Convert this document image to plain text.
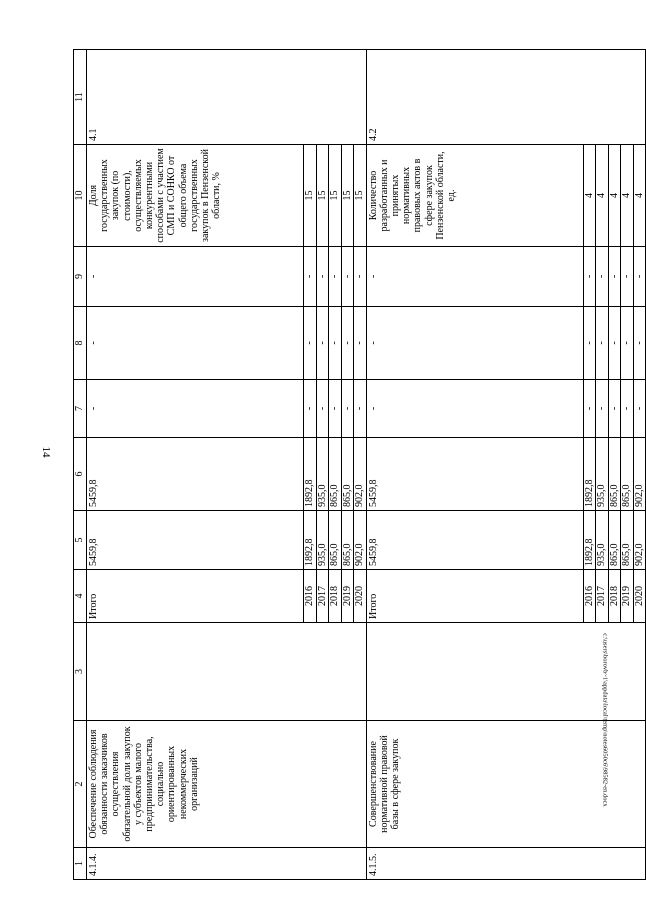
14
c:\users\borovb~1\appdata\local\temp\notes6050c6\98582-еn.docx
1	2	3	4	5	6	7	8	9	10	11
4.1.4.	Обеспечение соблюдения обязанности заказчиков осуществления обязательной доли закупок у субъектов малого предпринимательства, социально ориентированных некоммерческих организаций		Итого	5459,8	5459,8	-	-	-	Доля государственных закупок (по стоимости), осуществляемых конкурентными способами с участием СМП и СОНКО от общего объема государственных закупок в Пензенской области, %	4.1
			2016	1892,8	1892,8	-	-	-	15	
			2017	935,0	935,0	-	-	-	15	
			2018	865,0	865,0	-	-	-	15	
			2019	865,0	865,0	-	-	-	15	
			2020	902,0	902,0	-	-	-	15	
4.1.5.	Совершенствование нормативной правовой базы в сфере закупок		Итого	5459,8	5459,8	-	-	-	Количество разработанных и принятых нормативных правовых актов в сфере закупок Пензенской области, ед.	4.2
			2016	1892,8	1892,8	-	-	-	4	
			2017	935,0	935,0	-	-	-	4	
			2018	865,0	865,0	-	-	-	4	
			2019	865,0	865,0	-	-	-	4	
			2020	902,0	902,0	-	-	-	4	
